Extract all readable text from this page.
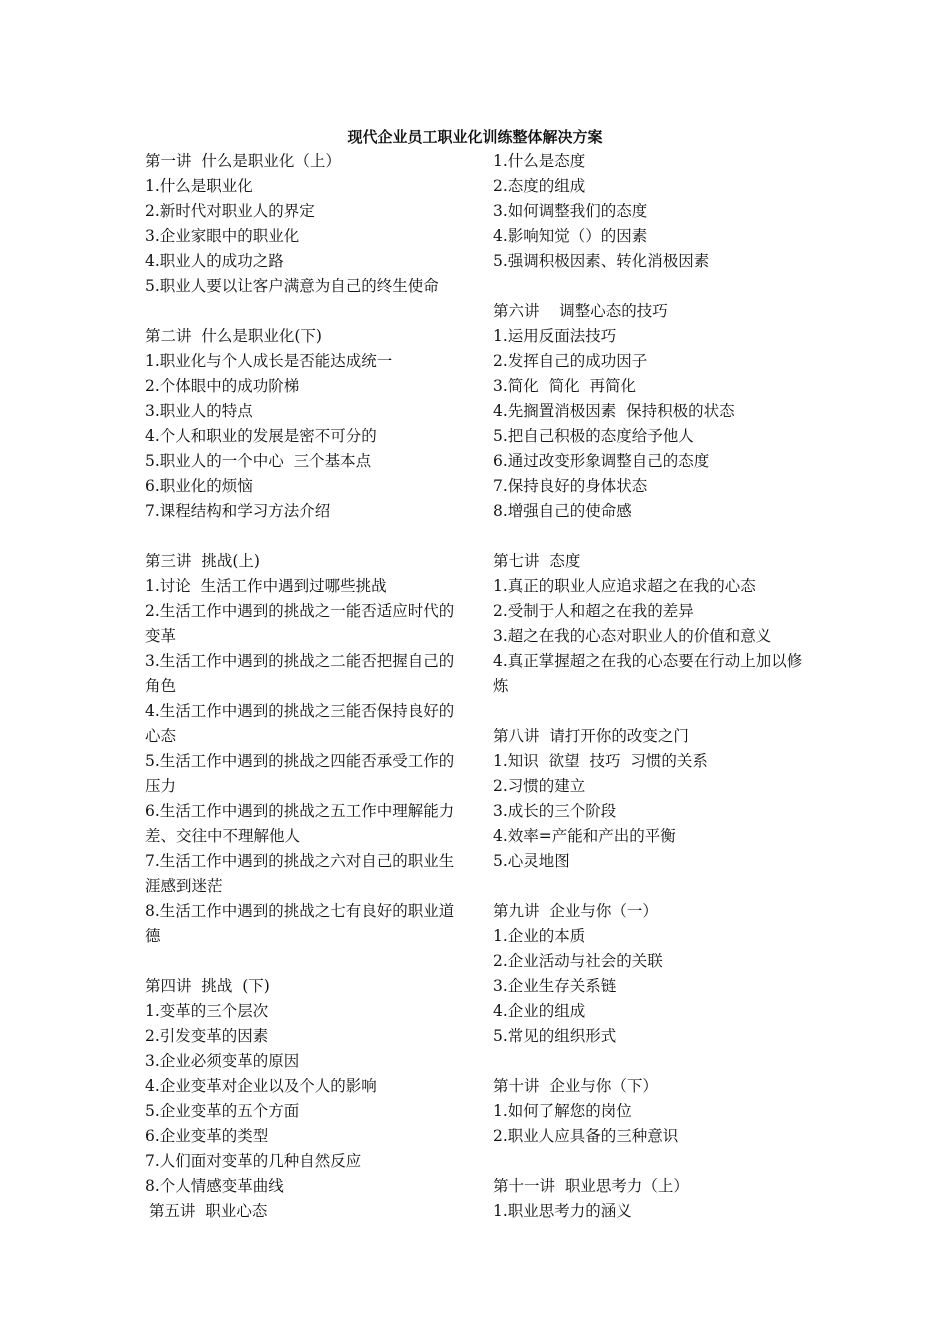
现代企业员工职业化训练整体解决方案
第一讲  什么是职业化（上）
1.什么是职业化
2.新时代对职业人的界定
3.企业家眼中的职业化
4.职业人的成功之路
5.职业人要以让客户满意为自己的终生使命
第二讲  什么是职业化(下)
1.职业化与个人成长是否能达成统一
2.个体眼中的成功阶梯
3.职业人的特点
4.个人和职业的发展是密不可分的
5.职业人的一个中心  三个基本点
6.职业化的烦恼
7.课程结构和学习方法介绍
第三讲  挑战(上)
1.讨论  生活工作中遇到过哪些挑战
2.生活工作中遇到的挑战之一能否适应时代的变革
3.生活工作中遇到的挑战之二能否把握自己的角色
4.生活工作中遇到的挑战之三能否保持良好的心态
5.生活工作中遇到的挑战之四能否承受工作的压力
6.生活工作中遇到的挑战之五工作中理解能力差、交往中不理解他人
7.生活工作中遇到的挑战之六对自己的职业生涯感到迷茫
8.生活工作中遇到的挑战之七有良好的职业道德
第四讲  挑战  (下)
1.变革的三个层次
2.引发变革的因素
3.企业必须变革的原因
4.企业变革对企业以及个人的影响
5.企业变革的五个方面
6.企业变革的类型
7.人们面对变革的几种自然反应
8.个人情感变革曲线
第五讲  职业心态
1.什么是态度
2.态度的组成
3.如何调整我们的态度
4.影响知觉（）的因素
5.强调积极因素、转化消极因素
第六讲    调整心态的技巧
1.运用反面法技巧
2.发挥自己的成功因子
3.简化  简化  再简化
4.先搁置消极因素  保持积极的状态
5.把自己积极的态度给予他人
6.通过改变形象调整自己的态度
7.保持良好的身体状态
8.增强自己的使命感
第七讲  态度
1.真正的职业人应追求超之在我的心态
2.受制于人和超之在我的差异
3.超之在我的心态对职业人的价值和意义
4.真正掌握超之在我的心态要在行动上加以修炼
第八讲  请打开你的改变之门
1.知识  欲望  技巧  习惯的关系
2.习惯的建立
3.成长的三个阶段
4.效率=产能和产出的平衡
5.心灵地图
第九讲  企业与你（一）
1.企业的本质
2.企业活动与社会的关联
3.企业生存关系链
4.企业的组成
5.常见的组织形式
第十讲  企业与你（下）
1.如何了解您的岗位
2.职业人应具备的三种意识
第十一讲  职业思考力（上）
1.职业思考力的涵义
